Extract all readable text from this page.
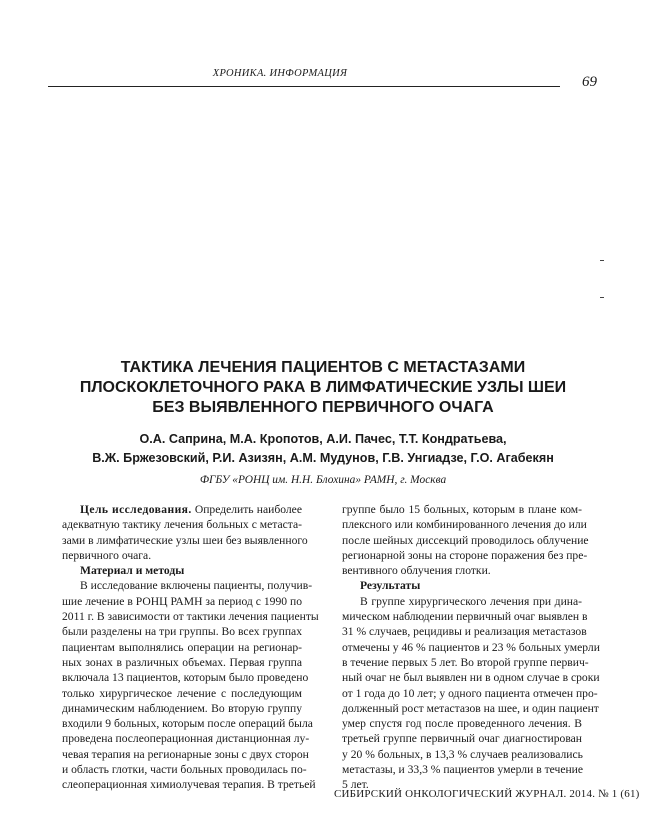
ХРОНИКА. ИНФОРМАЦИЯ
69
ТАКТИКА ЛЕЧЕНИЯ ПАЦИЕНТОВ С МЕТАСТАЗАМИ
ПЛОСКОКЛЕТОЧНОГО РАКА В ЛИМФАТИЧЕСКИЕ УЗЛЫ ШЕИ
БЕЗ ВЫЯВЛЕННОГО ПЕРВИЧНОГО ОЧАГА
О.А. Саприна, М.А. Кропотов, А.И. Пачес, Т.Т. Кондратьева,
В.Ж. Бржезовский, Р.И. Азизян, А.М. Мудунов, Г.В. Унгиадзе, Г.О. Агабекян
ФГБУ «РОНЦ им. Н.Н. Блохина» РАМН, г. Москва
Цель исследования. Определить наиболее
адекватную тактику лечения больных с метаста-
зами в лимфатические узлы шеи без выявленного
первичного очага.
Материал и методы
В исследование включены пациенты, получив-
шие лечение в РОНЦ РАМН за период с 1990 по
2011 г. В зависимости от тактики лечения пациенты
были разделены на три группы. Во всех группах
пациентам выполнялись операции на регионар-
ных зонах в различных объемах. Первая группа
включала 13 пациентов, которым было проведено
только хирургическое лечение с последующим
динамическим наблюдением. Во вторую группу
входили 9 больных, которым после операций была
проведена послеоперационная дистанционная лу-
чевая терапия на регионарные зоны с двух сторон
и область глотки, части больных проводилась по-
слеоперационная химиолучевая терапия. В третьей
группе было 15 больных, которым в плане ком-
плексного или комбинированного лечения до или
после шейных диссекций проводилось облучение
регионарной зоны на стороне поражения без пре-
вентивного облучения глотки.
Результаты
В группе хирургического лечения при дина-
мическом наблюдении первичный очаг выявлен в
31 % случаев, рецидивы и реализация метастазов
отмечены у 46 % пациентов и 23 % больных умерли
в течение первых 5 лет. Во второй группе первич-
ный очаг не был выявлен ни в одном случае в сроки
от 1 года до 10 лет; у одного пациента отмечен про-
долженный рост метастазов на шее, и один пациент
умер спустя год после проведенного лечения. В
третьей группе первичный очаг диагностирован
у 20 % больных, в 13,3 % случаев реализовались
метастазы, и 33,3 % пациентов умерли в течение
5 лет.
СИБИРСКИЙ ОНКОЛОГИЧЕСКИЙ ЖУРНАЛ. 2014. № 1 (61)
